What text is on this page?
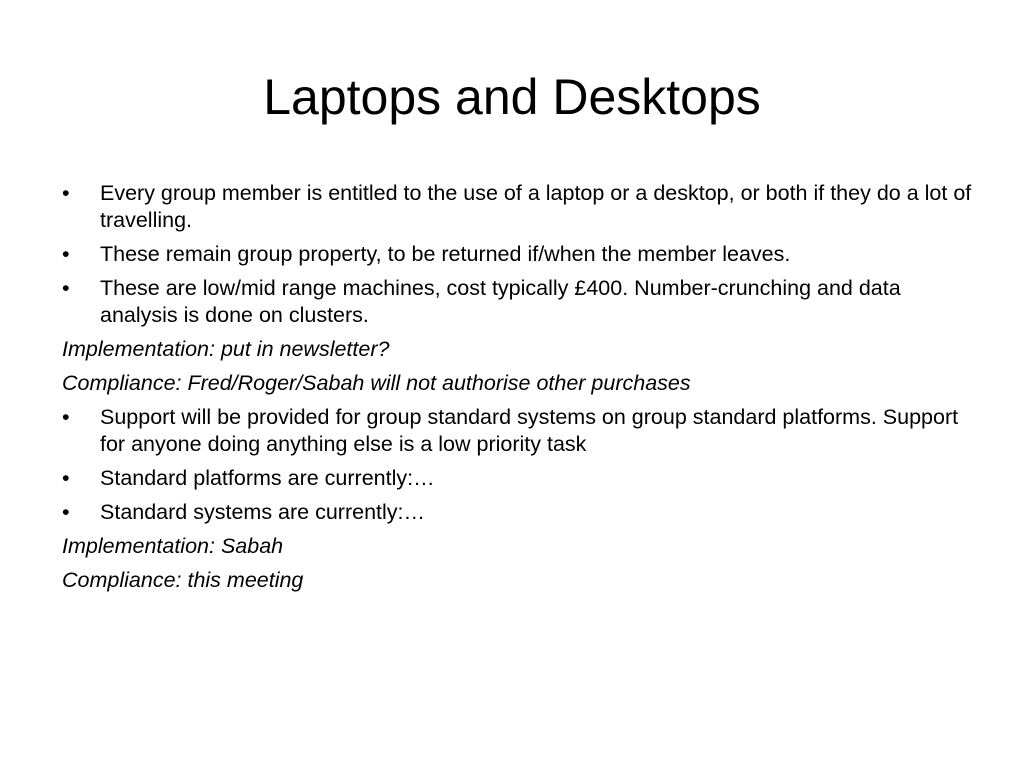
Laptops and Desktops
•	Every group member is entitled to the use of a laptop or a desktop, or both if they do a lot of travelling.
•	These remain group property, to be returned if/when the member leaves.
•	These are low/mid range machines, cost typically £400. Number-crunching and data analysis is done on clusters.
Implementation: put in newsletter?
Compliance: Fred/Roger/Sabah will not authorise other purchases
•	Support will be provided for group standard systems on group standard platforms. Support for anyone doing anything else is a low priority task
•	Standard platforms are currently:…
•	Standard systems are currently:…
Implementation: Sabah
Compliance: this meeting
